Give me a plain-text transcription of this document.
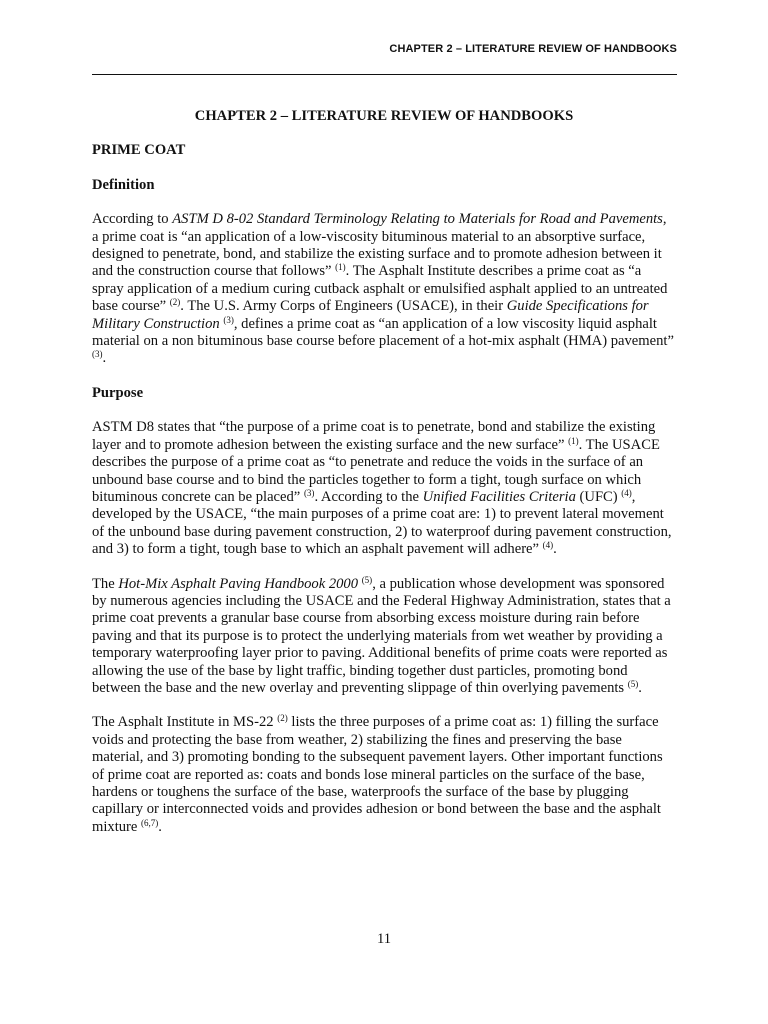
CHAPTER 2 – LITERATURE REVIEW OF HANDBOOKS
CHAPTER 2 – LITERATURE REVIEW OF HANDBOOKS
PRIME COAT
Definition

According to ASTM D 8-02 Standard Terminology Relating to Materials for Road and Pavements, a prime coat is “an application of a low-viscosity bituminous material to an absorptive surface, designed to penetrate, bond, and stabilize the existing surface and to promote adhesion between it and the construction course that follows” $^{(1)}$. The Asphalt Institute describes a prime coat as “a spray application of a medium curing cutback asphalt or emulsified asphalt applied to an untreated base course” $^{(2)}$. The U.S. Army Corps of Engineers (USACE), in their Guide Specifications for Military Construction $^{(3)}$, defines a prime coat as “an application of a low viscosity liquid asphalt material on a non bituminous base course before placement of a hot-mix asphalt (HMA) pavement” $^{(3)}$.

Purpose

ASTM D8 states that “the purpose of a prime coat is to penetrate, bond and stabilize the existing layer and to promote adhesion between the existing surface and the new surface” $^{(1)}$. The USACE describes the purpose of a prime coat as “to penetrate and reduce the voids in the surface of an unbound base course and to bind the particles together to form a tight, tough surface on which bituminous concrete can be placed” $^{(3)}$. According to the Unified Facilities Criteria (UFC) $^{(4)}$, developed by the USACE, “the main purposes of a prime coat are: 1) to prevent lateral movement of the unbound base during pavement construction, 2) to waterproof during pavement construction, and 3) to form a tight, tough base to which an asphalt pavement will adhere” $^{(4)}$.

The Hot-Mix Asphalt Paving Handbook 2000 $^{(5)}$, a publication whose development was sponsored by numerous agencies including the USACE and the Federal Highway Administration, states that a prime coat prevents a granular base course from absorbing excess moisture during rain before paving and that its purpose is to protect the underlying materials from wet weather by providing a temporary waterproofing layer prior to paving. Additional benefits of prime coats were reported as allowing the use of the base by light traffic, binding together dust particles, promoting bond between the base and the new overlay and preventing slippage of thin overlying pavements $^{(5)}$.

The Asphalt Institute in MS-22 $^{(2)}$ lists the three purposes of a prime coat as: 1) filling the surface voids and protecting the base from weather, 2) stabilizing the fines and preserving the base material, and 3) promoting bonding to the subsequent pavement layers. Other important functions of prime coat are reported as: coats and bonds lose mineral particles on the surface of the base, hardens or toughens the surface of the base, waterproofs the surface of the base by plugging capillary or interconnected voids and provides adhesion or bond between the base and the asphalt mixture $^{(6,7)}$.

11
